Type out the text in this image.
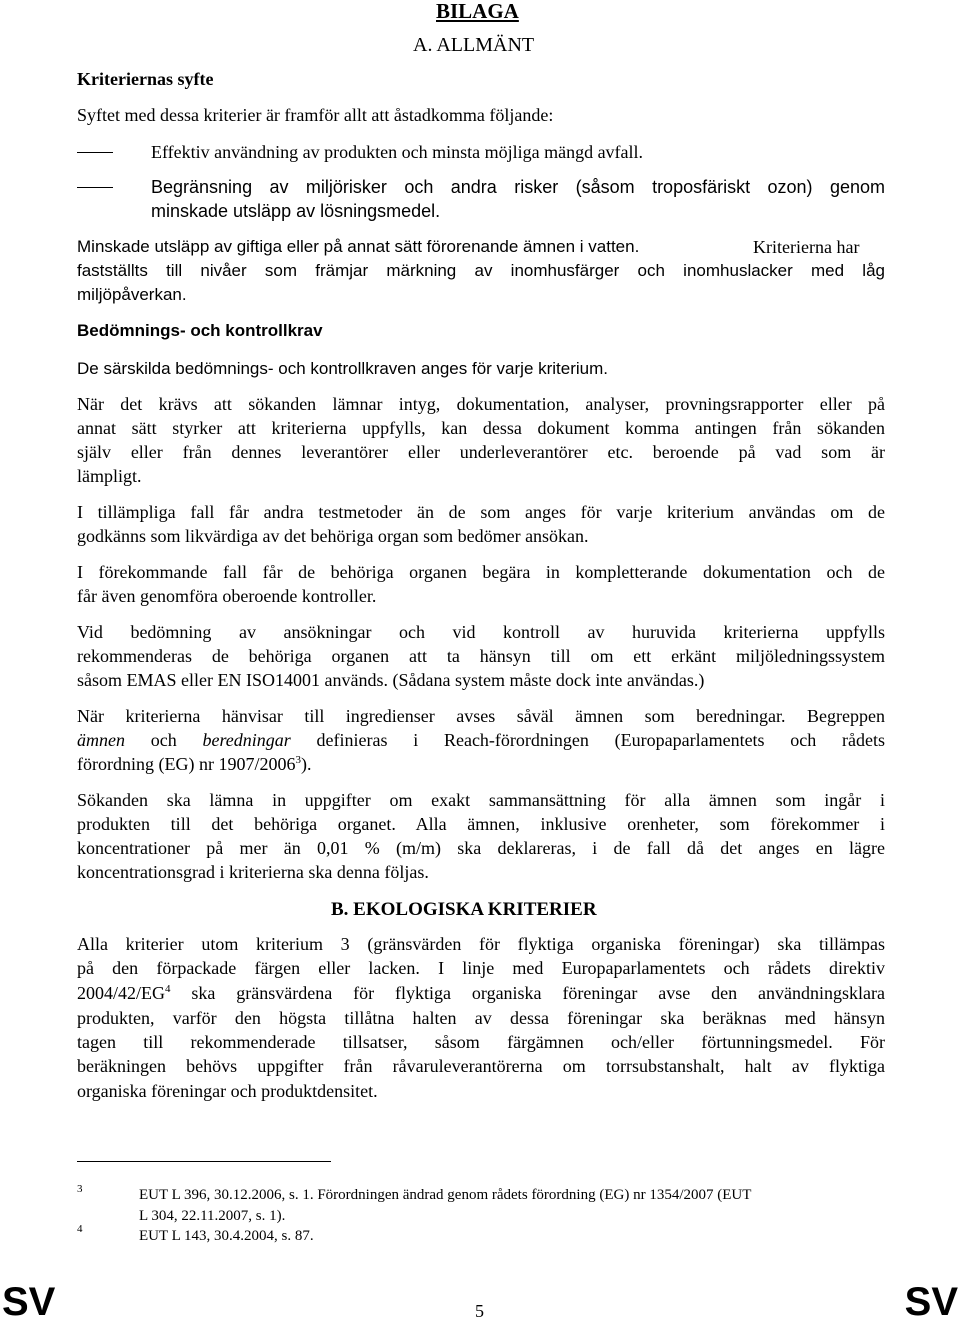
BILAGA
A. ALLMÄNT
Kriteriernas syfte
Syftet med dessa kriterier är framför allt att åstadkomma följande:
Effektiv användning av produkten och minsta möjliga mängd avfall.
Begränsning av miljörisker och andra risker (såsom troposfäriskt ozon) genom
minskade utsläpp av lösningsmedel.
Minskade utsläpp av giftiga eller på annat sätt förorenande ämnen i vatten.	Kriterierna har
fastställts till nivåer som främjar märkning av inomhusfärger och inomhuslacker med låg
miljöpåverkan.
Bedömnings- och kontrollkrav
De särskilda bedömnings- och kontrollkraven anges för varje kriterium.
När det krävs att sökanden lämnar intyg, dokumentation, analyser, provningsrapporter eller på
annat sätt styrker att kriterierna uppfylls, kan dessa dokument komma antingen från sökanden
själv eller från dennes leverantörer eller underleverantörer etc. beroende på vad som är
lämpligt.
I tillämpliga fall får andra testmetoder än de som anges för varje kriterium användas om de
godkänns som likvärdiga av det behöriga organ som bedömer ansökan.
I förekommande fall får de behöriga organen begära in kompletterande dokumentation och de
får även genomföra oberoende kontroller.
Vid bedömning av ansökningar och vid kontroll av huruvida kriterierna uppfylls
rekommenderas de behöriga organen att ta hänsyn till om ett erkänt miljöledningssystem
såsom EMAS eller EN ISO14001 används. (Sådana system måste dock inte användas.)
När kriterierna hänvisar till ingredienser avses såväl ämnen som beredningar. Begreppen
ämnen och beredningar definieras i Reach-förordningen (Europaparlamentets och rådets
förordning (EG) nr 1907/2006$^3$).
Sökanden ska lämna in uppgifter om exakt sammansättning för alla ämnen som ingår i
produkten till det behöriga organet. Alla ämnen, inklusive orenheter, som förekommer i
koncentrationer på mer än 0,01 % (m/m) ska deklareras, i de fall då det anges en lägre
koncentrationsgrad i kriterierna ska denna följas.
B. EKOLOGISKA KRITERIER
Alla kriterier utom kriterium 3 (gränsvärden för flyktiga organiska föreningar) ska tillämpas
på den förpackade färgen eller lacken. I linje med Europaparlamentets och rådets direktiv
$2004/42/EG^4$ ska gränsvärdena för flyktiga organiska föreningar avse den användningsklara
produkten, varför den högsta tillåtna halten av dessa föreningar ska beräknas med hänsyn
tagen till rekommenderade tillsatser, såsom färgämnen och/eller förtunningsmedel. För
beräkningen behövs uppgifter från råvaruleverantörerna om torrsubstanshalt, halt av flyktiga
organiska föreningar och produktdensitet.
3	EUT L 396, 30.12.2006, s. 1. Förordningen ändrad genom rådets förordning (EG) nr 1354/2007 (EUT
L 304, 22.11.2007, s. 1).
4	EUT L 143, 30.4.2004, s. 87.
SV	5	SV
